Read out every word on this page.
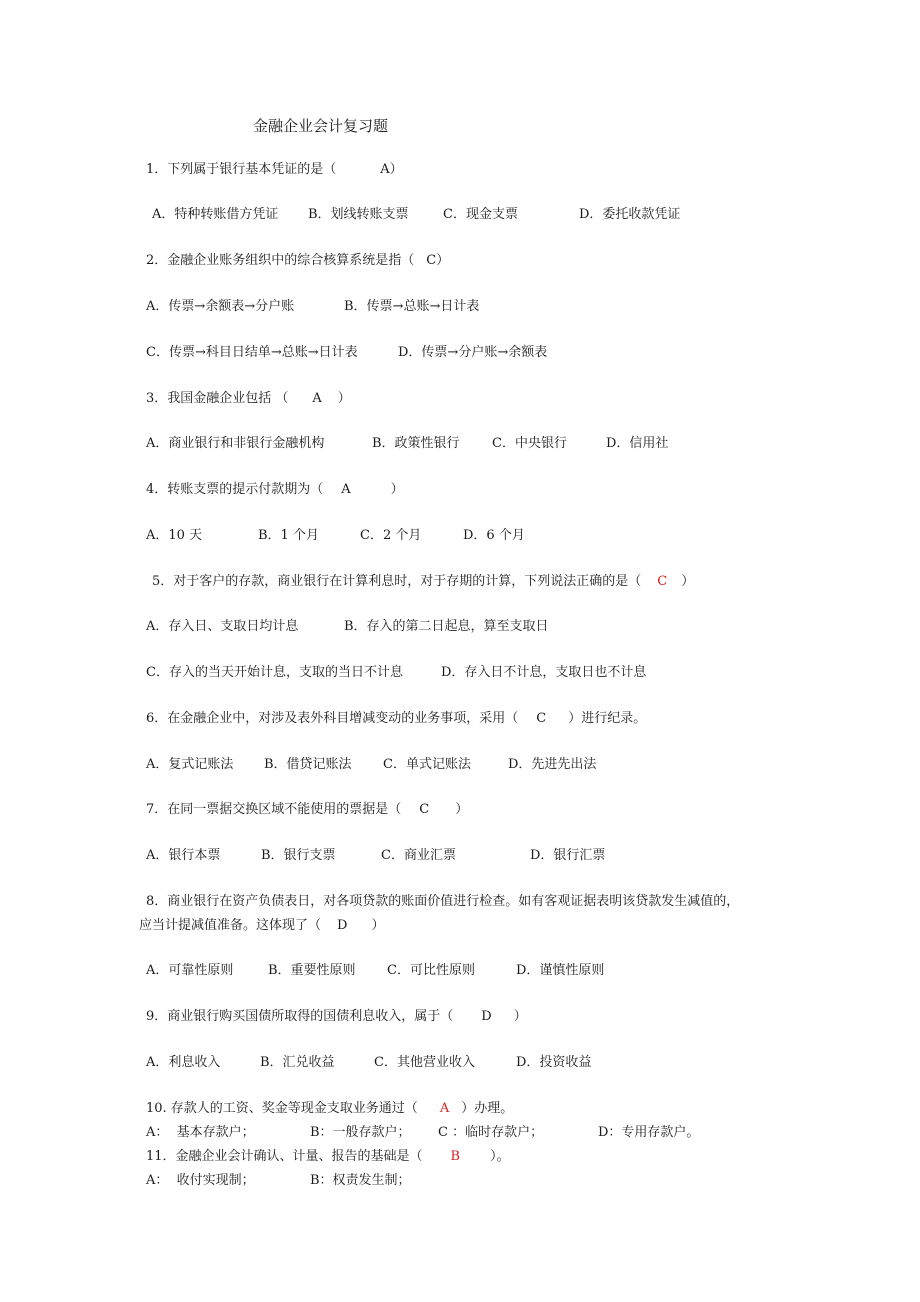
金融企业会计复习题
1．下列属于银行基本凭证的是（	A）
A．特种转账借方凭证 B．划线转账支票	C．现金支票	D．委托收款凭证
2．金融企业账务组织中的综合核算系统是指（ C）
A．传票→余额表→分户账	B．传票→总账→日计表
C．传票→科目日结单→总账→日计表	D．传票→分户账→余额表
3．我国金融企业包括 （ A ）
A．商业银行和非银行金融机构	B．政策性银行 C．中央银行	D．信用社
4．转账支票的提示付款期为（ A	）
A．10 天	B．1 个月	C．2 个月	D．6 个月
5．对于客户的存款，商业银行在计算利息时，对于存期的计算，下列说法正确的是（ C ）
A．存入日、支取日均计息	B．存入的第二日起息，算至支取日
C．存入的当天开始计息，支取的当日不计息	D．存入日不计息，支取日也不计息
6．在金融企业中，对涉及表外科目增减变动的业务事项，采用（ C ）进行纪录。
A．复式记账法 B．借贷记账法 C．单式记账法	D．先进先出法
7．在同一票据交换区域不能使用的票据是（ C ）
A．银行本票	B．银行支票	C．商业汇票	D．银行汇票
8．商业银行在资产负债表日，对各项贷款的账面价值进行检查。如有客观证据表明该贷款发生减值的，
应当计提减值准备。这体现了（ D ）
A．可靠性原则	B．重要性原则 C．可比性原则	D．谨慎性原则
9．商业银行购买国债所取得的国债利息收入，属于（ D ）
A．利息收入	B．汇兑收益	C．其他营业收入	D．投资收益
10. 存款人的工资、奖金等现金支取业务通过（ A ）办理。
A：  基本存款户；	B：一般存款户； C ：临时存款户；	D：专用存款户。
11．金融企业会计确认、计量、报告的基础是（ B ）。
A：  收付实现制；	B：权责发生制；
